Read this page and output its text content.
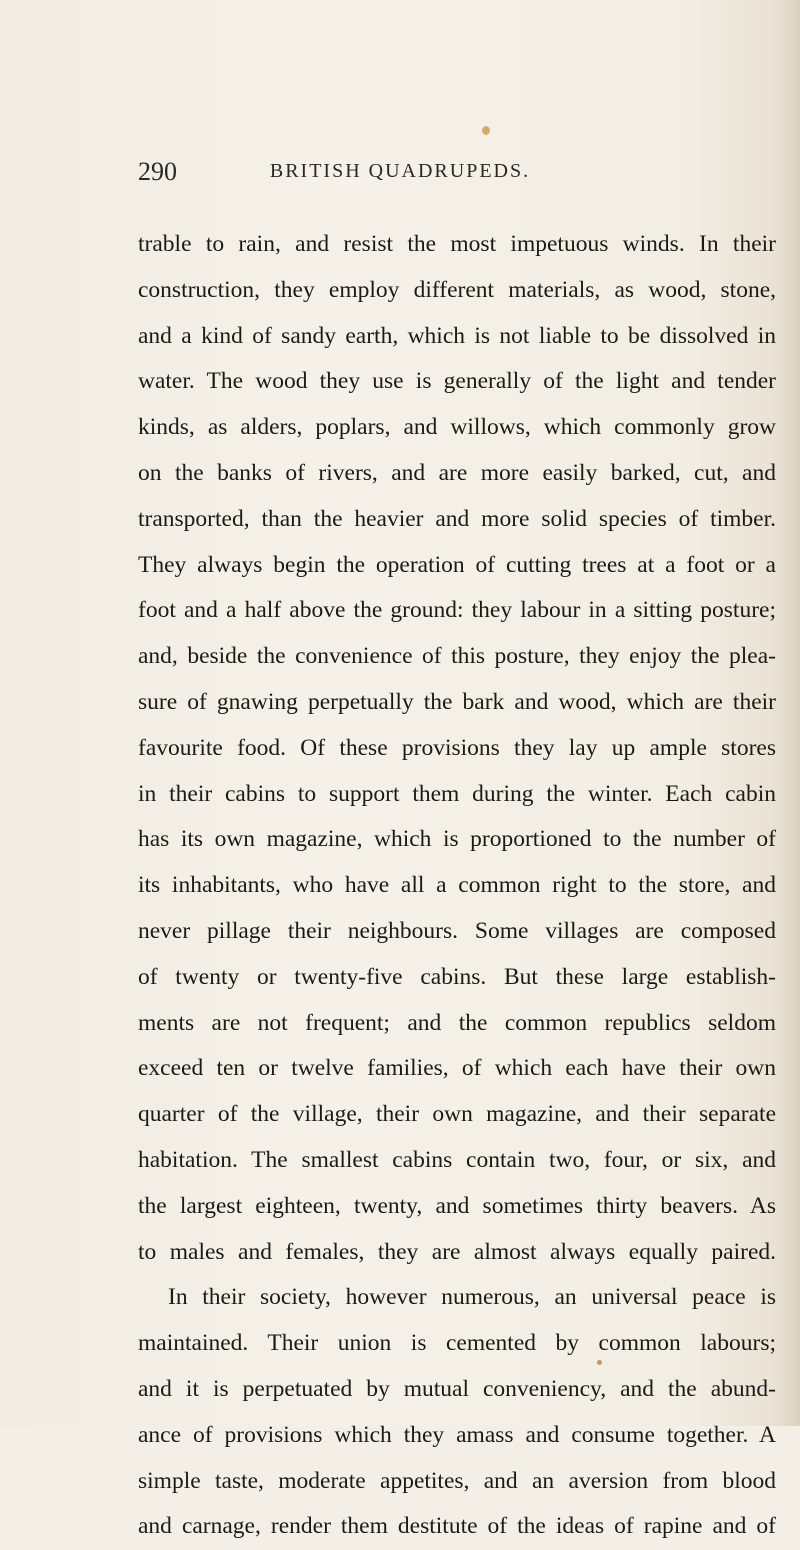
290	BRITISH QUADRUPEDS.
trable to rain, and resist the most impetuous winds. In their
construction, they employ different materials, as wood, stone,
and a kind of sandy earth, which is not liable to be dissolved in
water. The wood they use is generally of the light and tender
kinds, as alders, poplars, and willows, which commonly grow
on the banks of rivers, and are more easily barked, cut, and
transported, than the heavier and more solid species of timber.
They always begin the operation of cutting trees at a foot or a
foot and a half above the ground: they labour in a sitting posture;
and, beside the convenience of this posture, they enjoy the plea-
sure of gnawing perpetually the bark and wood, which are their
favourite food. Of these provisions they lay up ample stores
in their cabins to support them during the winter. Each cabin
has its own magazine, which is proportioned to the number of
its inhabitants, who have all a common right to the store, and
never pillage their neighbours. Some villages are composed
of twenty or twenty-five cabins. But these large establish-
ments are not frequent; and the common republics seldom
exceed ten or twelve families, of which each have their own
quarter of the village, their own magazine, and their separate
habitation. The smallest cabins contain two, four, or six, and
the largest eighteen, twenty, and sometimes thirty beavers. As
to males and females, they are almost always equally paired.
In their society, however numerous, an universal peace is
maintained. Their union is cemented by common labours;
and it is perpetuated by mutual conveniency, and the abund-
ance of provisions which they amass and consume together. A
simple taste, moderate appetites, and an aversion from blood
and carnage, render them destitute of the ideas of rapine and of
